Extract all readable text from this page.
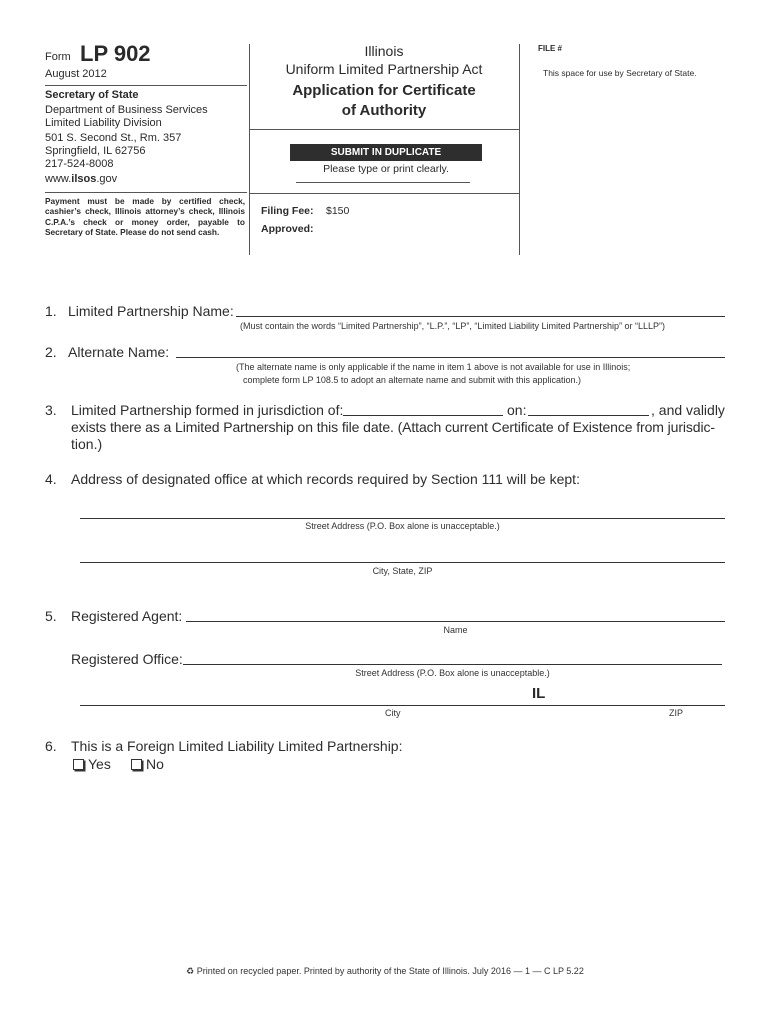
Form LP 902
August 2012
Secretary of State
Department of Business Services
Limited Liability Division
501 S. Second St., Rm. 357
Springfield, IL 62756
217-524-8008
www.ilsos.gov
Payment must be made by certified check, cashier’s check, Illinois attorney’s check, Illinois C.P.A.’s check or money order, payable to Secretary of State. Please do not send cash.
Illinois
Uniform Limited Partnership Act
Application for Certificate
of Authority
SUBMIT IN DUPLICATE
Please type or print clearly.
Filing Fee: $150
Approved:
FILE #
This space for use by Secretary of State.
1. Limited Partnership Name:
(Must contain the words “Limited Partnership”, “L.P.”, “LP”, “Limited Liability Limited Partnership” or “LLLP”)
2. Alternate Name:
(The alternate name is only applicable if the name in item 1 above is not available for use in Illinois;
complete form LP 108.5 to adopt an alternate name and submit with this application.)
3. Limited Partnership formed in jurisdiction of:	on:	, and validly
exists there as a Limited Partnership on this file date. (Attach current Certificate of Existence from jurisdic-
tion.)
4. Address of designated office at which records required by Section 111 will be kept:
Street Address (P.O. Box alone is unacceptable.)
City, State, ZIP
5. Registered Agent:
Name
Registered Office:
Street Address (P.O. Box alone is unacceptable.)
IL
City	ZIP
6. This is a Foreign Limited Liability Limited Partnership:
Yes	No
♻ Printed on recycled paper. Printed by authority of the State of Illinois. July 2016 — 1 — C LP 5.22
